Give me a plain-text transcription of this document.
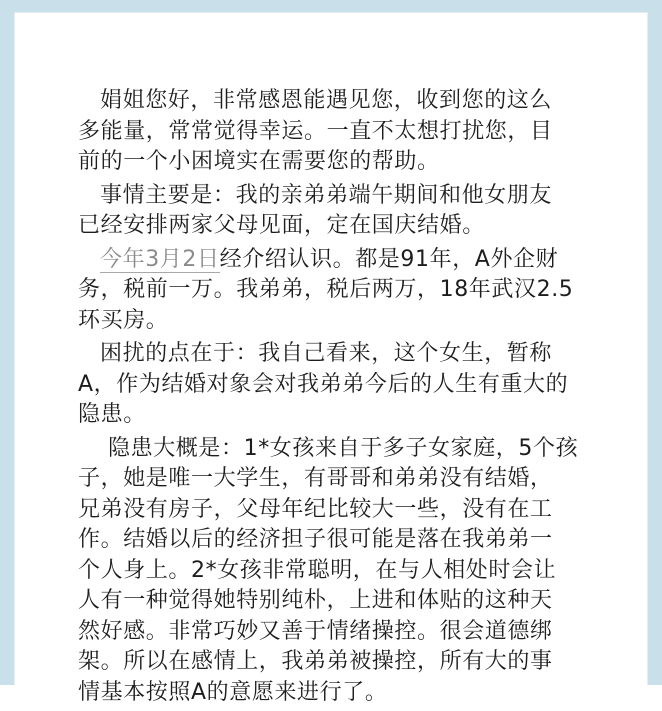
娟姐您好，非常感恩能遇见您，收到您的这么
多能量，常常觉得幸运。一直不太想打扰您，目
前的一个小困境实在需要您的帮助。
事情主要是：我的亲弟弟端午期间和他女朋友
已经安排两家父母见面，定在国庆结婚。
今年3月2日经介绍认识。都是91年，A外企财
务，税前一万。我弟弟，税后两万，18年武汉2.5
环买房。
困扰的点在于：我自己看来，这个女生，暂称
A，作为结婚对象会对我弟弟今后的人生有重大的
隐患。
隐患大概是：1*女孩来自于多子女家庭，5个孩
子，她是唯一大学生，有哥哥和弟弟没有结婚，
兄弟没有房子，父母年纪比较大一些，没有在工
作。结婚以后的经济担子很可能是落在我弟弟一
个人身上。2*女孩非常聪明，在与人相处时会让
人有一种觉得她特别纯朴，上进和体贴的这种天
然好感。非常巧妙又善于情绪操控。很会道德绑
架。所以在感情上，我弟弟被操控，所有大的事
情基本按照A的意愿来进行了。
